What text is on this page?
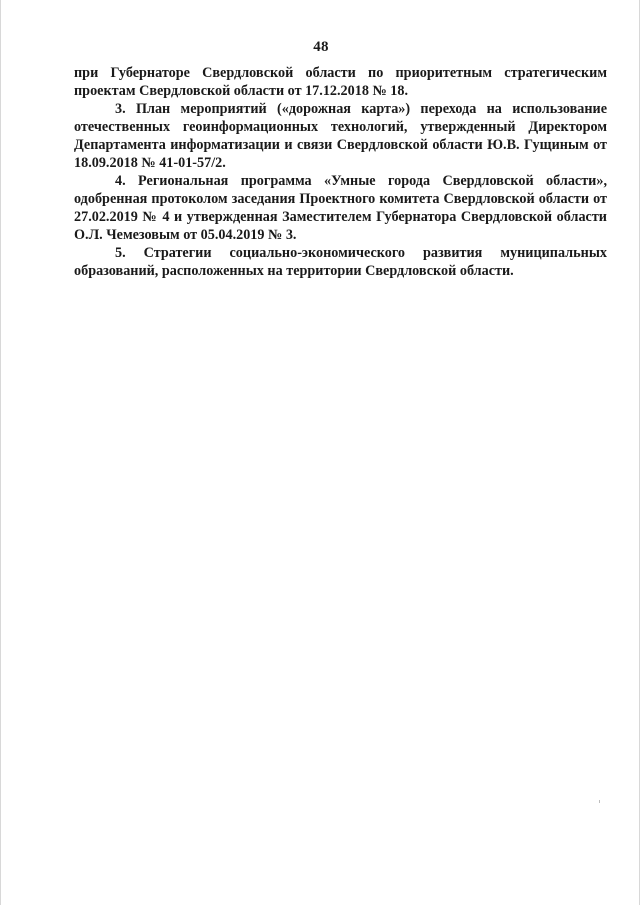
48

при Губернаторе Свердловской области по приоритетным стратегическим проектам Свердловской области от 17.12.2018 № 18.

3. План мероприятий («дорожная карта») перехода на использование отечественных геоинформационных технологий, утвержденный Директором Департамента информатизации и связи Свердловской области Ю.В. Гущиным от 18.09.2018 № 41-01-57/2.

4. Региональная программа «Умные города Свердловской области», одобренная протоколом заседания Проектного комитета Свердловской области от 27.02.2019 № 4 и утвержденная Заместителем Губернатора Свердловской области О.Л. Чемезовым от 05.04.2019 № 3.

5. Стратегии социально-экономического развития муниципальных образований, расположенных на территории Свердловской области.
